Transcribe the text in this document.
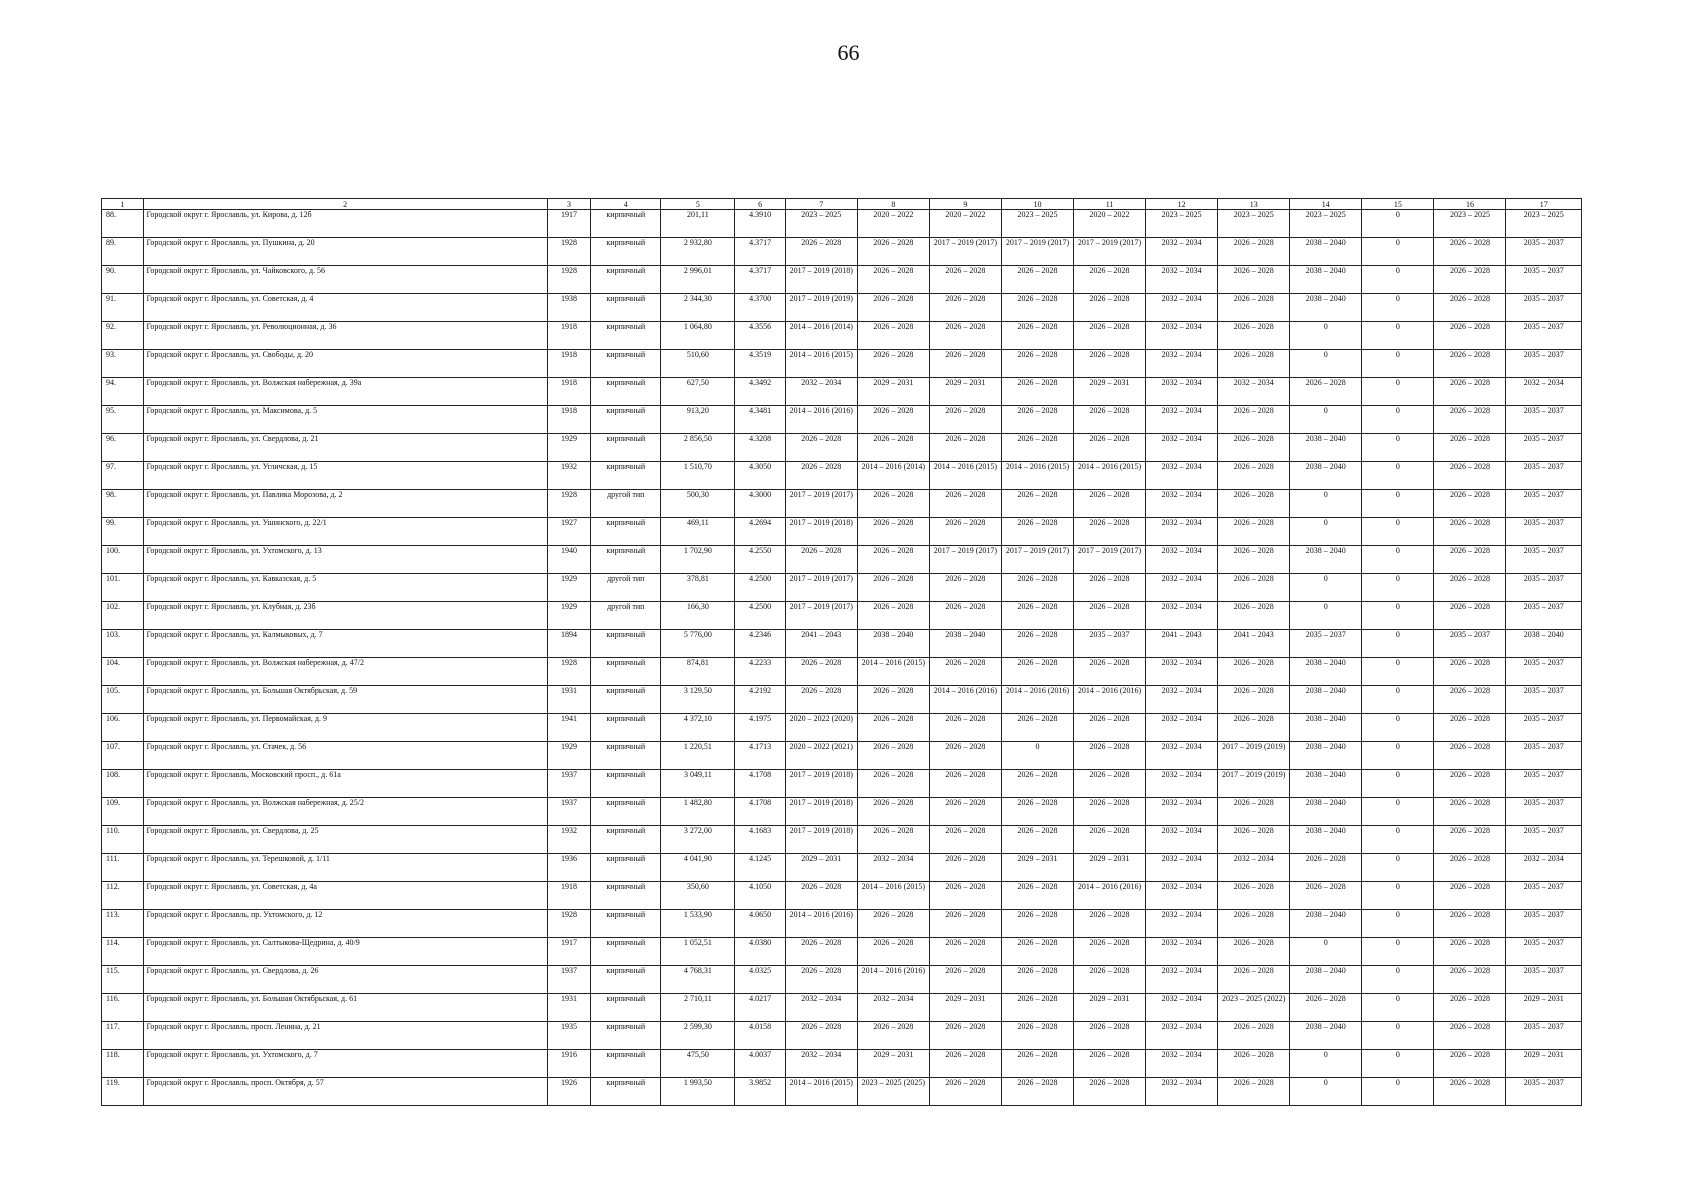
66
1	2	3	4	5	6	7	8	9	10	11	12	13	14	15	16	17
88.	Городской округ г. Ярославль, ул. Кирова, д. 12б	1917	кирпичный	201,11	4.3910	2023 – 2025	2020 – 2022	2020 – 2022	2023 – 2025	2020 – 2022	2023 – 2025	2023 – 2025	2023 – 2025	0	2023 – 2025	2023 – 2025
89.	Городской округ г. Ярославль, ул. Пушкина, д. 20	1928	кирпичный	2 932,80	4.3717	2026 – 2028	2026 – 2028	2017 – 2019 (2017)	2017 – 2019 (2017)	2017 – 2019 (2017)	2032 – 2034	2026 – 2028	2038 – 2040	0	2026 – 2028	2035 – 2037
90.	Городской округ г. Ярославль, ул. Чайковского, д. 56	1928	кирпичный	2 996,01	4.3717	2017 – 2019 (2018)	2026 – 2028	2026 – 2028	2026 – 2028	2026 – 2028	2032 – 2034	2026 – 2028	2038 – 2040	0	2026 – 2028	2035 – 2037
91.	Городской округ г. Ярославль, ул. Советская, д. 4	1938	кирпичный	2 344,30	4.3700	2017 – 2019 (2019)	2026 – 2028	2026 – 2028	2026 – 2028	2026 – 2028	2032 – 2034	2026 – 2028	2038 – 2040	0	2026 – 2028	2035 – 2037
92.	Городской округ г. Ярославль, ул. Революционная, д. 36	1918	кирпичный	1 064,80	4.3556	2014 – 2016 (2014)	2026 – 2028	2026 – 2028	2026 – 2028	2026 – 2028	2032 – 2034	2026 – 2028	0	0	2026 – 2028	2035 – 2037
93.	Городской округ г. Ярославль, ул. Свободы, д. 20	1918	кирпичный	510,60	4.3519	2014 – 2016 (2015)	2026 – 2028	2026 – 2028	2026 – 2028	2026 – 2028	2032 – 2034	2026 – 2028	0	0	2026 – 2028	2035 – 2037
94.	Городской округ г. Ярославль, ул. Волжская набережная, д. 39а	1918	кирпичный	627,50	4.3492	2032 – 2034	2029 – 2031	2029 – 2031	2026 – 2028	2029 – 2031	2032 – 2034	2032 – 2034	2026 – 2028	0	2026 – 2028	2032 – 2034
95.	Городской округ г. Ярославль, ул. Максимова, д. 5	1918	кирпичный	913,20	4.3481	2014 – 2016 (2016)	2026 – 2028	2026 – 2028	2026 – 2028	2026 – 2028	2032 – 2034	2026 – 2028	0	0	2026 – 2028	2035 – 2037
96.	Городской округ г. Ярославль, ул. Свердлова, д. 21	1929	кирпичный	2 856,50	4.3208	2026 – 2028	2026 – 2028	2026 – 2028	2026 – 2028	2026 – 2028	2032 – 2034	2026 – 2028	2038 – 2040	0	2026 – 2028	2035 – 2037
97.	Городской округ г. Ярославль, ул. Угличская, д. 15	1932	кирпичный	1 510,70	4.3050	2026 – 2028	2014 – 2016 (2014)	2014 – 2016 (2015)	2014 – 2016 (2015)	2014 – 2016 (2015)	2032 – 2034	2026 – 2028	2038 – 2040	0	2026 – 2028	2035 – 2037
98.	Городской округ г. Ярославль, ул. Павлика Морозова, д. 2	1928	другой тип	500,30	4.3000	2017 – 2019 (2017)	2026 – 2028	2026 – 2028	2026 – 2028	2026 – 2028	2032 – 2034	2026 – 2028	0	0	2026 – 2028	2035 – 2037
99.	Городской округ г. Ярославль, ул. Ушинского, д. 22/1	1927	кирпичный	469,11	4.2694	2017 – 2019 (2018)	2026 – 2028	2026 – 2028	2026 – 2028	2026 – 2028	2032 – 2034	2026 – 2028	0	0	2026 – 2028	2035 – 2037
100.	Городской округ г. Ярославль, ул. Ухтомского, д. 13	1940	кирпичный	1 702,90	4.2550	2026 – 2028	2026 – 2028	2017 – 2019 (2017)	2017 – 2019 (2017)	2017 – 2019 (2017)	2032 – 2034	2026 – 2028	2038 – 2040	0	2026 – 2028	2035 – 2037
101.	Городской округ г. Ярославль, ул. Кавказская, д. 5	1929	другой тип	378,81	4.2500	2017 – 2019 (2017)	2026 – 2028	2026 – 2028	2026 – 2028	2026 – 2028	2032 – 2034	2026 – 2028	0	0	2026 – 2028	2035 – 2037
102.	Городской округ г. Ярославль, ул. Клубная, д. 23б	1929	другой тип	166,30	4.2500	2017 – 2019 (2017)	2026 – 2028	2026 – 2028	2026 – 2028	2026 – 2028	2032 – 2034	2026 – 2028	0	0	2026 – 2028	2035 – 2037
103.	Городской округ г. Ярославль, ул. Калмыковых, д. 7	1894	кирпичный	5 776,00	4.2346	2041 – 2043	2038 – 2040	2038 – 2040	2026 – 2028	2035 – 2037	2041 – 2043	2041 – 2043	2035 – 2037	0	2035 – 2037	2038 – 2040
104.	Городской округ г. Ярославль, ул. Волжская набережная, д. 47/2	1928	кирпичный	874,81	4.2233	2026 – 2028	2014 – 2016 (2015)	2026 – 2028	2026 – 2028	2026 – 2028	2032 – 2034	2026 – 2028	2038 – 2040	0	2026 – 2028	2035 – 2037
105.	Городской округ г. Ярославль, ул. Большая Октябрьская, д. 59	1931	кирпичный	3 129,50	4.2192	2026 – 2028	2026 – 2028	2014 – 2016 (2016)	2014 – 2016 (2016)	2014 – 2016 (2016)	2032 – 2034	2026 – 2028	2038 – 2040	0	2026 – 2028	2035 – 2037
106.	Городской округ г. Ярославль, ул. Первомайская, д. 9	1941	кирпичный	4 372,10	4.1975	2020 – 2022 (2020)	2026 – 2028	2026 – 2028	2026 – 2028	2026 – 2028	2032 – 2034	2026 – 2028	2038 – 2040	0	2026 – 2028	2035 – 2037
107.	Городской округ г. Ярославль, ул. Стачек, д. 56	1929	кирпичный	1 220,51	4.1713	2020 – 2022 (2021)	2026 – 2028	2026 – 2028	0	2026 – 2028	2032 – 2034	2017 – 2019 (2019)	2038 – 2040	0	2026 – 2028	2035 – 2037
108.	Городской округ г. Ярославль, Московский просп., д. 61а	1937	кирпичный	3 049,11	4.1708	2017 – 2019 (2018)	2026 – 2028	2026 – 2028	2026 – 2028	2026 – 2028	2032 – 2034	2017 – 2019 (2019)	2038 – 2040	0	2026 – 2028	2035 – 2037
109.	Городской округ г. Ярославль, ул. Волжская набережная, д. 25/2	1937	кирпичный	1 482,80	4.1708	2017 – 2019 (2018)	2026 – 2028	2026 – 2028	2026 – 2028	2026 – 2028	2032 – 2034	2026 – 2028	2038 – 2040	0	2026 – 2028	2035 – 2037
110.	Городской округ г. Ярославль, ул. Свердлова, д. 25	1932	кирпичный	3 272,00	4.1683	2017 – 2019 (2018)	2026 – 2028	2026 – 2028	2026 – 2028	2026 – 2028	2032 – 2034	2026 – 2028	2038 – 2040	0	2026 – 2028	2035 – 2037
111.	Городской округ г. Ярославль, ул. Терешковой, д. 1/11	1936	кирпичный	4 041,90	4.1245	2029 – 2031	2032 – 2034	2026 – 2028	2029 – 2031	2029 – 2031	2032 – 2034	2032 – 2034	2026 – 2028	0	2026 – 2028	2032 – 2034
112.	Городской округ г. Ярославль, ул. Советская, д. 4а	1918	кирпичный	350,60	4.1050	2026 – 2028	2014 – 2016 (2015)	2026 – 2028	2026 – 2028	2014 – 2016 (2016)	2032 – 2034	2026 – 2028	2026 – 2028	0	2026 – 2028	2035 – 2037
113.	Городской округ г. Ярославль, пр. Ухтомского, д. 12	1928	кирпичный	1 533,90	4.0650	2014 – 2016 (2016)	2026 – 2028	2026 – 2028	2026 – 2028	2026 – 2028	2032 – 2034	2026 – 2028	2038 – 2040	0	2026 – 2028	2035 – 2037
114.	Городской округ г. Ярославль, ул. Салтыкова-Щедрина, д. 40/9	1917	кирпичный	1 052,51	4.0380	2026 – 2028	2026 – 2028	2026 – 2028	2026 – 2028	2026 – 2028	2032 – 2034	2026 – 2028	0	0	2026 – 2028	2035 – 2037
115.	Городской округ г. Ярославль, ул. Свердлова, д. 26	1937	кирпичный	4 768,31	4.0325	2026 – 2028	2014 – 2016 (2016)	2026 – 2028	2026 – 2028	2026 – 2028	2032 – 2034	2026 – 2028	2038 – 2040	0	2026 – 2028	2035 – 2037
116.	Городской округ г. Ярославль, ул. Большая Октябрьская, д. 61	1931	кирпичный	2 710,11	4.0217	2032 – 2034	2032 – 2034	2029 – 2031	2026 – 2028	2029 – 2031	2032 – 2034	2023 – 2025 (2022)	2026 – 2028	0	2026 – 2028	2029 – 2031
117.	Городской округ г. Ярославль, просп. Ленина, д. 21	1935	кирпичный	2 599,30	4.0158	2026 – 2028	2026 – 2028	2026 – 2028	2026 – 2028	2026 – 2028	2032 – 2034	2026 – 2028	2038 – 2040	0	2026 – 2028	2035 – 2037
118.	Городской округ г. Ярославль, ул. Ухтомского, д. 7	1916	кирпичный	475,50	4.0037	2032 – 2034	2029 – 2031	2026 – 2028	2026 – 2028	2026 – 2028	2032 – 2034	2026 – 2028	0	0	2026 – 2028	2029 – 2031
119.	Городской округ г. Ярославль, просп. Октября, д. 57	1926	кирпичный	1 993,50	3.9852	2014 – 2016 (2015)	2023 – 2025 (2025)	2026 – 2028	2026 – 2028	2026 – 2028	2032 – 2034	2026 – 2028	0	0	2026 – 2028	2035 – 2037
